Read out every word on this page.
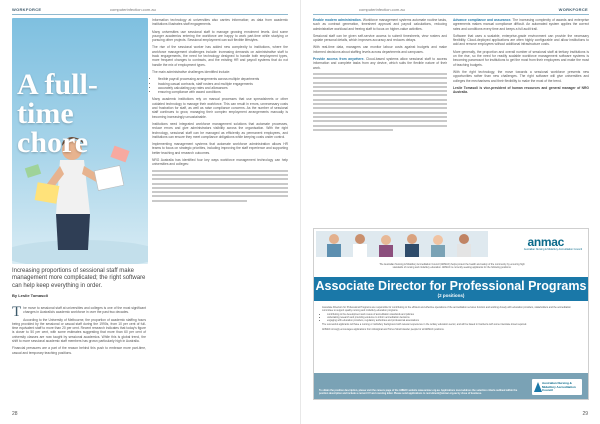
WORKFORCE	computerinfection.com.au
A full-time
chore
Increasing proportions of sessional staff make management more complicated; the right software can help keep everything in order.
By Leslie Tomasoli

The move to sessional staff at universities and colleges is one of the most significant changes in Australia's academic workforce in over the past two decades.

According to the University of Melbourne, the proportion of academic staffing hours being provided by the sessional or casual staff during the 1990s, from 10 per cent of full-time equivalent staff to more than 20 per cent. Recent research indicates that today's figure is closer to 50 per cent, with some estimates suggesting that more than 60 per cent of university classes are now taught by sessional academics. While this is global trend, the shift to more sessional academic staff members has grown particularly high in Australia.

Financial pressures are a part of the reason behind this push to embrace more part-time, casual and temporary teaching positions.

Information technology at universities also carries information; as data from academic institutions illustrates staff engagements.

Many universities use sessional staff to manage growing enrolment levels. And some younger academics entering the workforce are happy to work part-time while studying or pursuing other projects. Sessional employment can suit flexible lifestyles.

The rise of the sessional worker has added new complexity to institutions, where the workforce management challenges include: increasing demands on administrative staff to track engagements, the need for technology designed to handle both employment types, more frequent changes to contracts, and the existing HR and payroll systems that do not handle the mix of employment types.

The main administrative challenges identified include:

• flexible payroll processing arrangements across multiple departments
• tracking casual contracts, staff rosters and multiple engagements
• accurately calculating pay rates and allowances
• ensuring compliance with award conditions

Many academic institutions rely on manual processes that use spreadsheets or other outdated technology to manage their workforce. This can result in errors, unnecessary costs and frustration for staff, as well as raise compliance concerns. As the number of sessional staff continues to grow, managing their complex employment arrangements manually is becoming increasingly unsustainable.

Institutions need integrated workforce management solutions that automate processes, reduce errors and give administrators visibility across the organisation. With the right technology, sessional staff can be managed as efficiently as permanent employees, and institutions can ensure they meet compliance obligations while keeping costs under control.

Implementing management systems that automate workforce administration allows HR teams to focus on strategic priorities, including improving the staff experience and supporting better teaching and research outcomes.

NRG Australia has identified four key ways workforce management technology can help universities and colleges:

28
computerinfection.com.au	WORKFORCE

Enable modern administration. Workforce management systems automate routine tasks, such as contract generation, timesheet approval and payroll calculations, reducing administrative workload and freeing staff to focus on higher-value activities.

Sessional staff can be given self-service access to submit timesheets, view rosters and update personal details, which improves accuracy and reduces delays.

With real-time data, managers can monitor labour costs against budgets and make informed decisions about staffing levels across departments and campuses.

Provide access from anywhere. Cloud-based systems allow sessional staff to access information and complete tasks from any device, which suits the flexible nature of their work.

Advance compliance and assurance. The increasing complexity of awards and enterprise agreements makes manual compliance difficult. An automated system applies the correct rates and conditions every time and keeps a full audit trail.

Software that uses a scalable, enterprise-grade environment can provide the necessary flexibility. Cloud-deployed applications are often highly configurable and allow institutions to add and remove employees without additional infrastructure costs.

More generally, the proportion and overall number of sessional staff at tertiary institutions is on the rise, so the need for readily scalable workforce management software systems is becoming paramount for institutions to get the most from their employees and make the most of teaching budgets.

With the right technology, the move towards a sessional workforce presents new opportunities rather than new challenges. The right software will give universities and colleges the mechanisms and their flexibility to make the most of the trend.

Leslie Tomasoli is vice-president of human resources and general manager of NRG Australia.

anmac
Australian Nursing & Midwifery Accreditation Council
The Australian Nursing & Midwifery Accreditation Council (ANMAC) helps protect the health and safety of the community by ensuring high standards of nursing and midwifery education. ANMAC is currently seeking applicants for the following positions:
Associate Director for Professional Programs
(2 positions)
Associate Directors for Professional Programs are responsible for contributing to the efficient and effective operations of the accreditation services function and working closely with education providers, stakeholders and the accreditation committee to support quality nursing and midwifery education programs.
• contributing to the development and review of accreditation standards and policies
• undertaking research and providing evidence to inform accreditation decisions
• engaging with education providers, regulatory authorities and professional associations
The successful applicants will have a nursing or midwifery background with relevant experience in the tertiary education sector, and will be based in Canberra with some interstate travel required.
ANMAC strongly encourages applications from Aboriginal and Torres Strait Islander people for all ANMAC positions.
To obtain the position description, please visit the careers page of the ANMAC website www.anmac.org.au. Applications must address the selection criteria outlined within the position description and include a current CV and covering letter. Please send applications to recruitment@anmac.org.au by close of business.
Australian Nursing & Midwifery Accreditation Council
29
